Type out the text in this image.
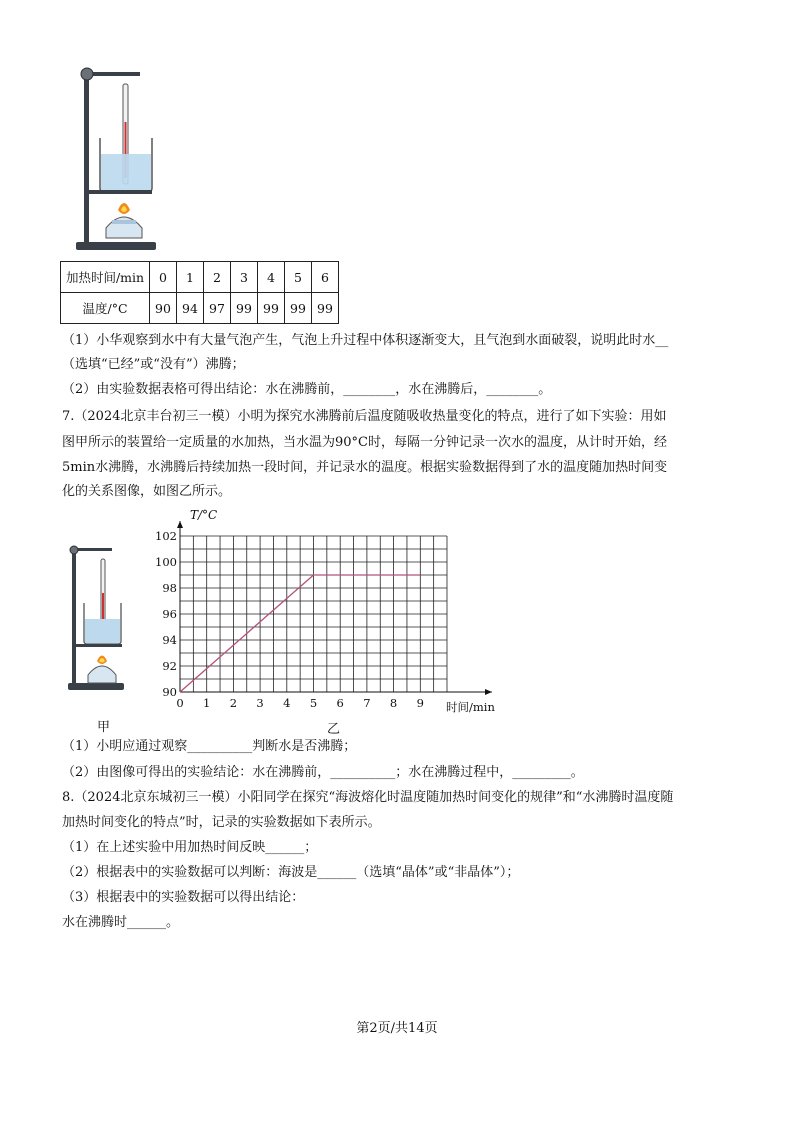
加热时间/min	0	1	2	3	4	5	6
温度/°C	90	94	97	99	99	99	99
（1）小华观察到水中有大量气泡产生，气泡上升过程中体积逐渐变大，且气泡到水面破裂，说明此时水__
（选填“已经”或“没有”）沸腾；
（2）由实验数据表格可得出结论：水在沸腾前，________，水在沸腾后，________。
7.（2024北京丰台初三一模）小明为探究水沸腾前后温度随吸收热量变化的特点，进行了如下实验：用如
图甲所示的装置给一定质量的水加热，当水温为90°C时，每隔一分钟记录一次水的温度，从计时开始，经
5min水沸腾，水沸腾后持续加热一段时间，并记录水的温度。根据实验数据得到了水的温度随加热时间变
化的关系图像，如图乙所示。
甲
T/°C
时间/min
0 1 2 3 4 5 6 7 8 9
90
92
94
96
98
100
102
乙
（1）小明应通过观察__________判断水是否沸腾；
（2）由图像可得出的实验结论：水在沸腾前，__________；水在沸腾过程中，_________。
8.（2024北京东城初三一模）小阳同学在探究“海波熔化时温度随加热时间变化的规律”和“水沸腾时温度随
加热时间变化的特点”时，记录的实验数据如下表所示。
（1）在上述实验中用加热时间反映______；
（2）根据表中的实验数据可以判断：海波是______（选填“晶体”或“非晶体”）；
（3）根据表中的实验数据可以得出结论：
水在沸腾时______。
第2页/共14页
